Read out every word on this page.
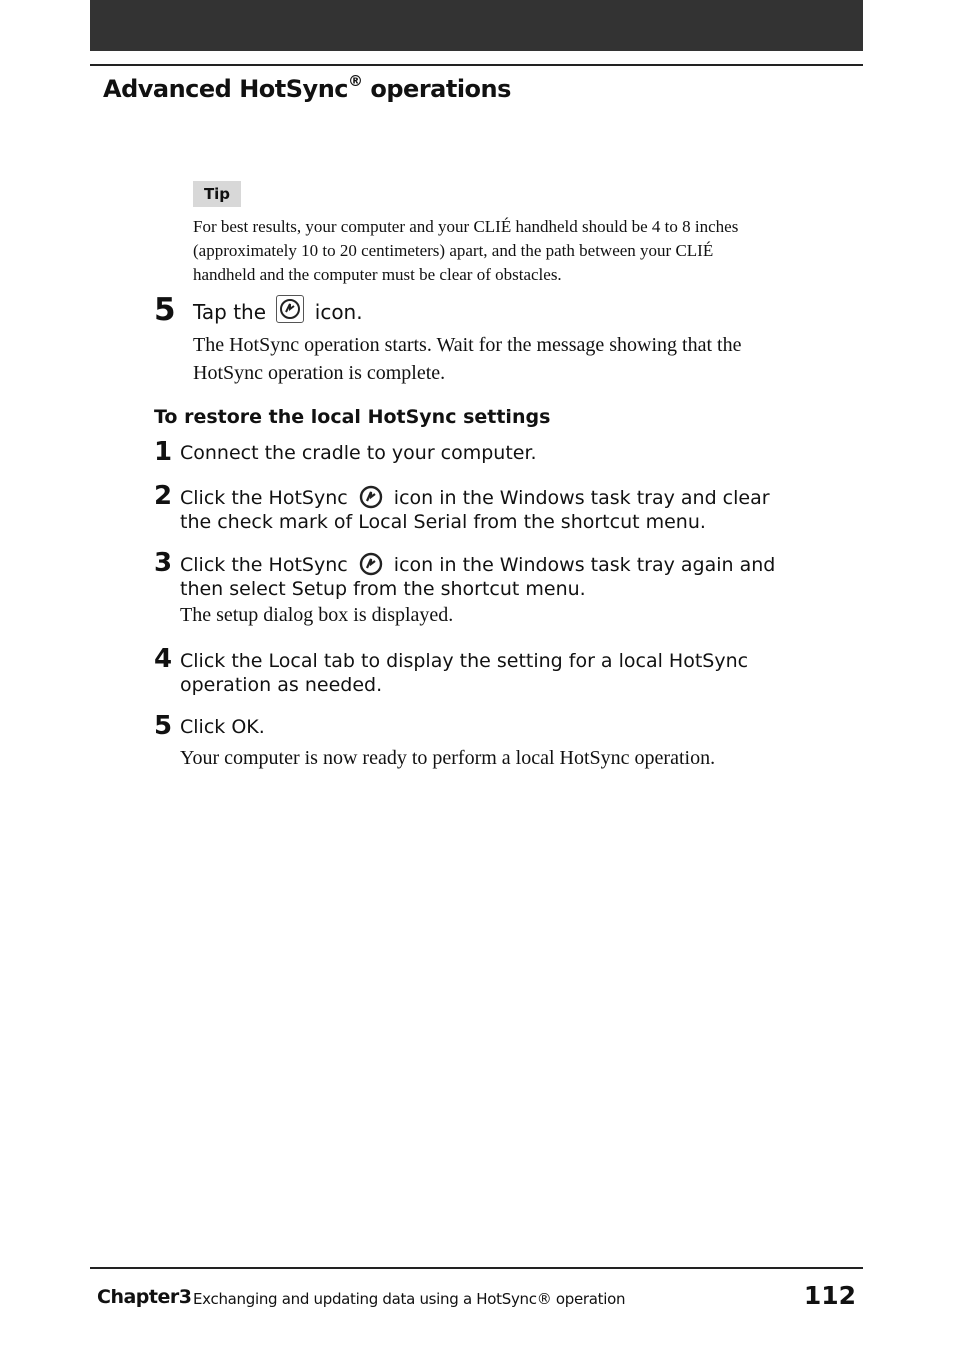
Advanced HotSync® operations
Tip
For best results, your computer and your CLIÉ handheld should be 4 to 8 inches
(approximately 10 to 20 centimeters) apart, and the path between your CLIÉ
handheld and the computer must be clear of obstacles.
5 Tap the icon.
The HotSync operation starts. Wait for the message showing that the
HotSync operation is complete.
To restore the local HotSync settings
1 Connect the cradle to your computer.
2 Click the HotSync icon in the Windows task tray and clear
the check mark of Local Serial from the shortcut menu.
3 Click the HotSync icon in the Windows task tray again and
then select Setup from the shortcut menu.
The setup dialog box is displayed.
4 Click the Local tab to display the setting for a local HotSync
operation as needed.
5 Click OK.
Your computer is now ready to perform a local HotSync operation.
Chapter3 Exchanging and updating data using a HotSync® operation	112
